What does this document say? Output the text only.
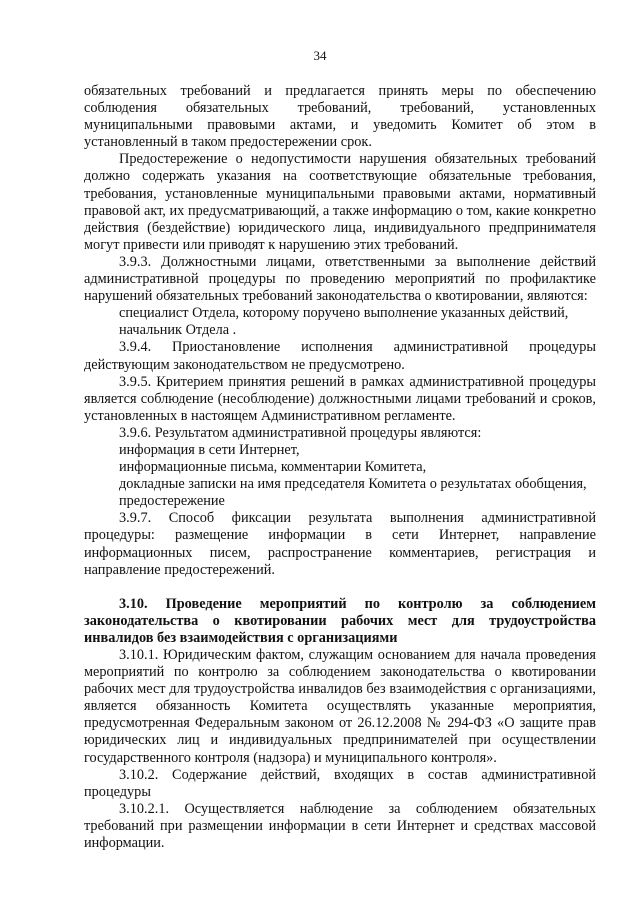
34

обязательных требований и предлагается принять меры по обеспечению соблюдения обязательных требований, требований, установленных муниципальными правовыми актами, и уведомить Комитет об этом в установленный в таком предостережении срок.

Предостережение о недопустимости нарушения обязательных требований должно содержать указания на соответствующие обязательные требования, требования, установленные муниципальными правовыми актами, нормативный правовой акт, их предусматривающий, а также информацию о том, какие конкретно действия (бездействие) юридического лица, индивидуального предпринимателя могут привести или приводят к нарушению этих требований.

3.9.3. Должностными лицами, ответственными за выполнение действий административной процедуры по проведению мероприятий по профилактике нарушений обязательных требований законодательства о квотировании, являются:

специалист Отдела, которому поручено выполнение указанных действий,

начальник Отдела .

3.9.4. Приостановление исполнения административной процедуры действующим законодательством не предусмотрено.

3.9.5. Критерием принятия решений в рамках административной процедуры является соблюдение (несоблюдение) должностными лицами требований и сроков, установленных в настоящем Административном регламенте.

3.9.6. Результатом административной процедуры являются:

информация в сети Интернет,

информационные письма, комментарии Комитета,

докладные записки на имя председателя Комитета о результатах обобщения,

предостережение

3.9.7. Способ фиксации результата выполнения административной процедуры: размещение информации в сети Интернет, направление информационных писем, распространение комментариев, регистрация и направление предостережений.

3.10. Проведение мероприятий по контролю за соблюдением законодательства о квотировании рабочих мест для трудоустройства инвалидов без взаимодействия с организациями

3.10.1. Юридическим фактом, служащим основанием для начала проведения мероприятий по контролю за соблюдением законодательства о квотировании рабочих мест для трудоустройства инвалидов без взаимодействия с организациями, является обязанность Комитета осуществлять указанные мероприятия, предусмотренная Федеральным законом от 26.12.2008 № 294-ФЗ «О защите прав юридических лиц и индивидуальных предпринимателей при осуществлении государственного контроля (надзора) и муниципального контроля».

3.10.2. Содержание действий, входящих в состав административной процедуры

3.10.2.1. Осуществляется наблюдение за соблюдением обязательных требований при размещении информации в сети Интернет и средствах массовой информации.
